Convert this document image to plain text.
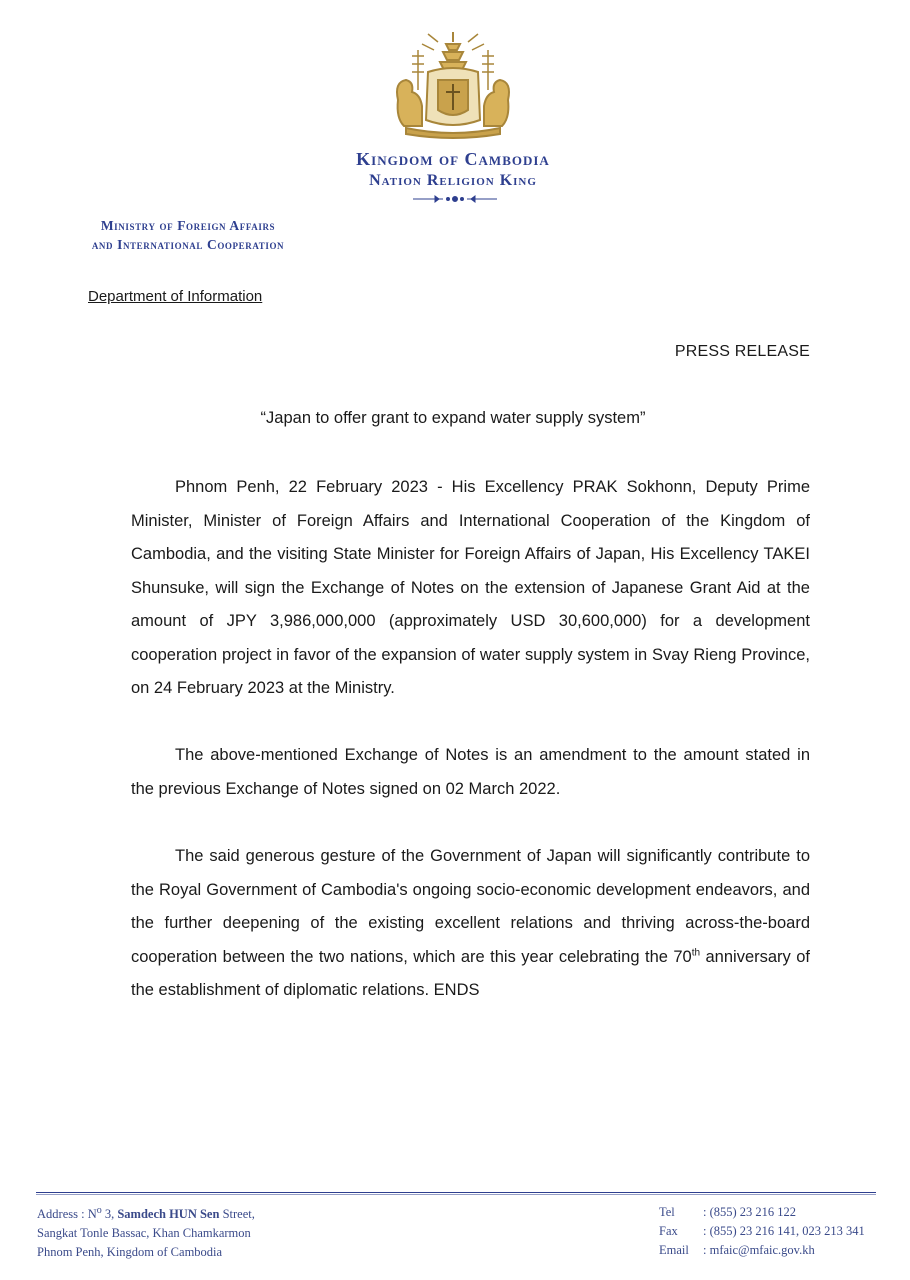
Kingdom of Cambodia
Nation Religion King
Ministry of Foreign Affairs
and International Cooperation
Department of Information
PRESS RELEASE
“Japan to offer grant to expand water supply system”

Phnom Penh, 22 February 2023 - His Excellency PRAK Sokhonn, Deputy Prime Minister, Minister of Foreign Affairs and International Cooperation of the Kingdom of Cambodia, and the visiting State Minister for Foreign Affairs of Japan, His Excellency TAKEI Shunsuke, will sign the Exchange of Notes on the extension of Japanese Grant Aid at the amount of JPY 3,986,000,000 (approximately USD 30,600,000) for a development cooperation project in favor of the expansion of water supply system in Svay Rieng Province, on 24 February 2023 at the Ministry.

The above-mentioned Exchange of Notes is an amendment to the amount stated in the previous Exchange of Notes signed on 02 March 2022.

The said generous gesture of the Government of Japan will significantly contribute to the Royal Government of Cambodia's ongoing socio-economic development endeavors, and the further deepening of the existing excellent relations and thriving across-the-board cooperation between the two nations, which are this year celebrating the 70th anniversary of the establishment of diplomatic relations. ENDS

Address : $N^o$ 3, Samdech HUN Sen Street,
Sangkat Tonle Bassac, Khan Chamkarmon
Phnom Penh, Kingdom of Cambodia
Tel	: (855) 23 216 122
Fax	: (855) 23 216 141, 023 213 341
Email	: mfaic@mfaic.gov.kh
